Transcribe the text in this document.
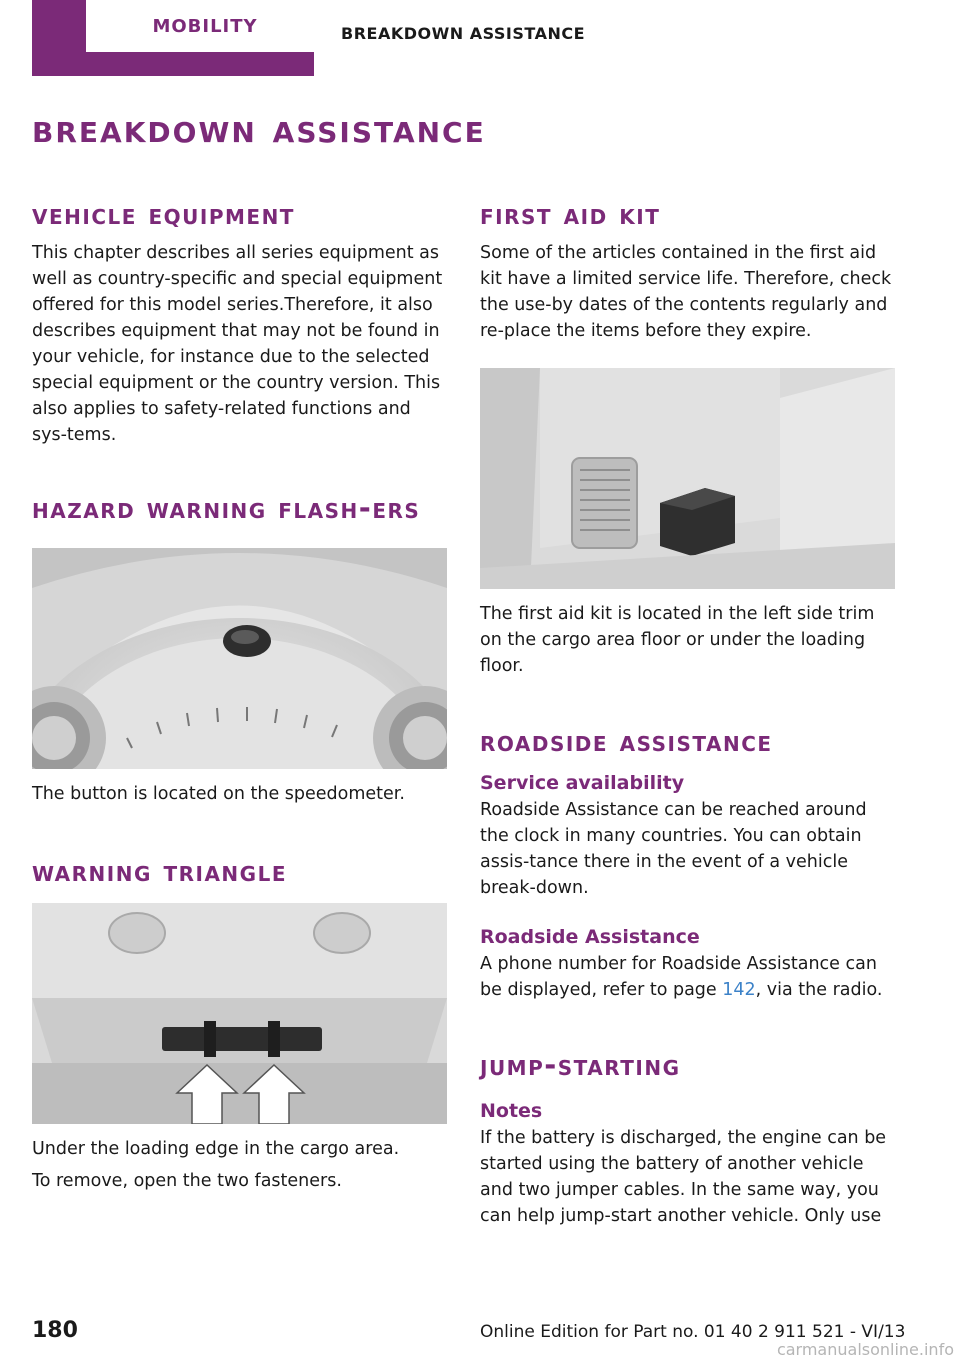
MOBILITY	BREAKDOWN ASSISTANCE
breakdown assistance
vehicle equipment

This chapter describes all series equipment as well as country-specific and special equipment offered for this model series.Therefore, it also describes equipment that may not be found in your vehicle, for instance due to the selected special equipment or the country version. This also applies to safety-related functions and sys‐tems.

hazard warning flash‐ers

The button is located on the speedometer.

warning triangle

Under the loading edge in the cargo area.

To remove, open the two fasteners.

first aid kit

Some of the articles contained in the first aid kit have a limited service life. Therefore, check the use-by dates of the contents regularly and re‐place the items before they expire.

The first aid kit is located in the left side trim on the cargo area floor or under the loading floor.

roadside assistance
Service availability

Roadside Assistance can be reached around the clock in many countries. You can obtain assis‐tance there in the event of a vehicle break‐down.

Roadside Assistance

A phone number for Roadside Assistance can be displayed, refer to page 142, via the radio.

jump-starting
Notes

If the battery is discharged, the engine can be started using the battery of another vehicle and two jumper cables. In the same way, you can help jump-start another vehicle. Only use

180	Online Edition for Part no. 01 40 2 911 521 - VI/13
carmanualsonline.info
